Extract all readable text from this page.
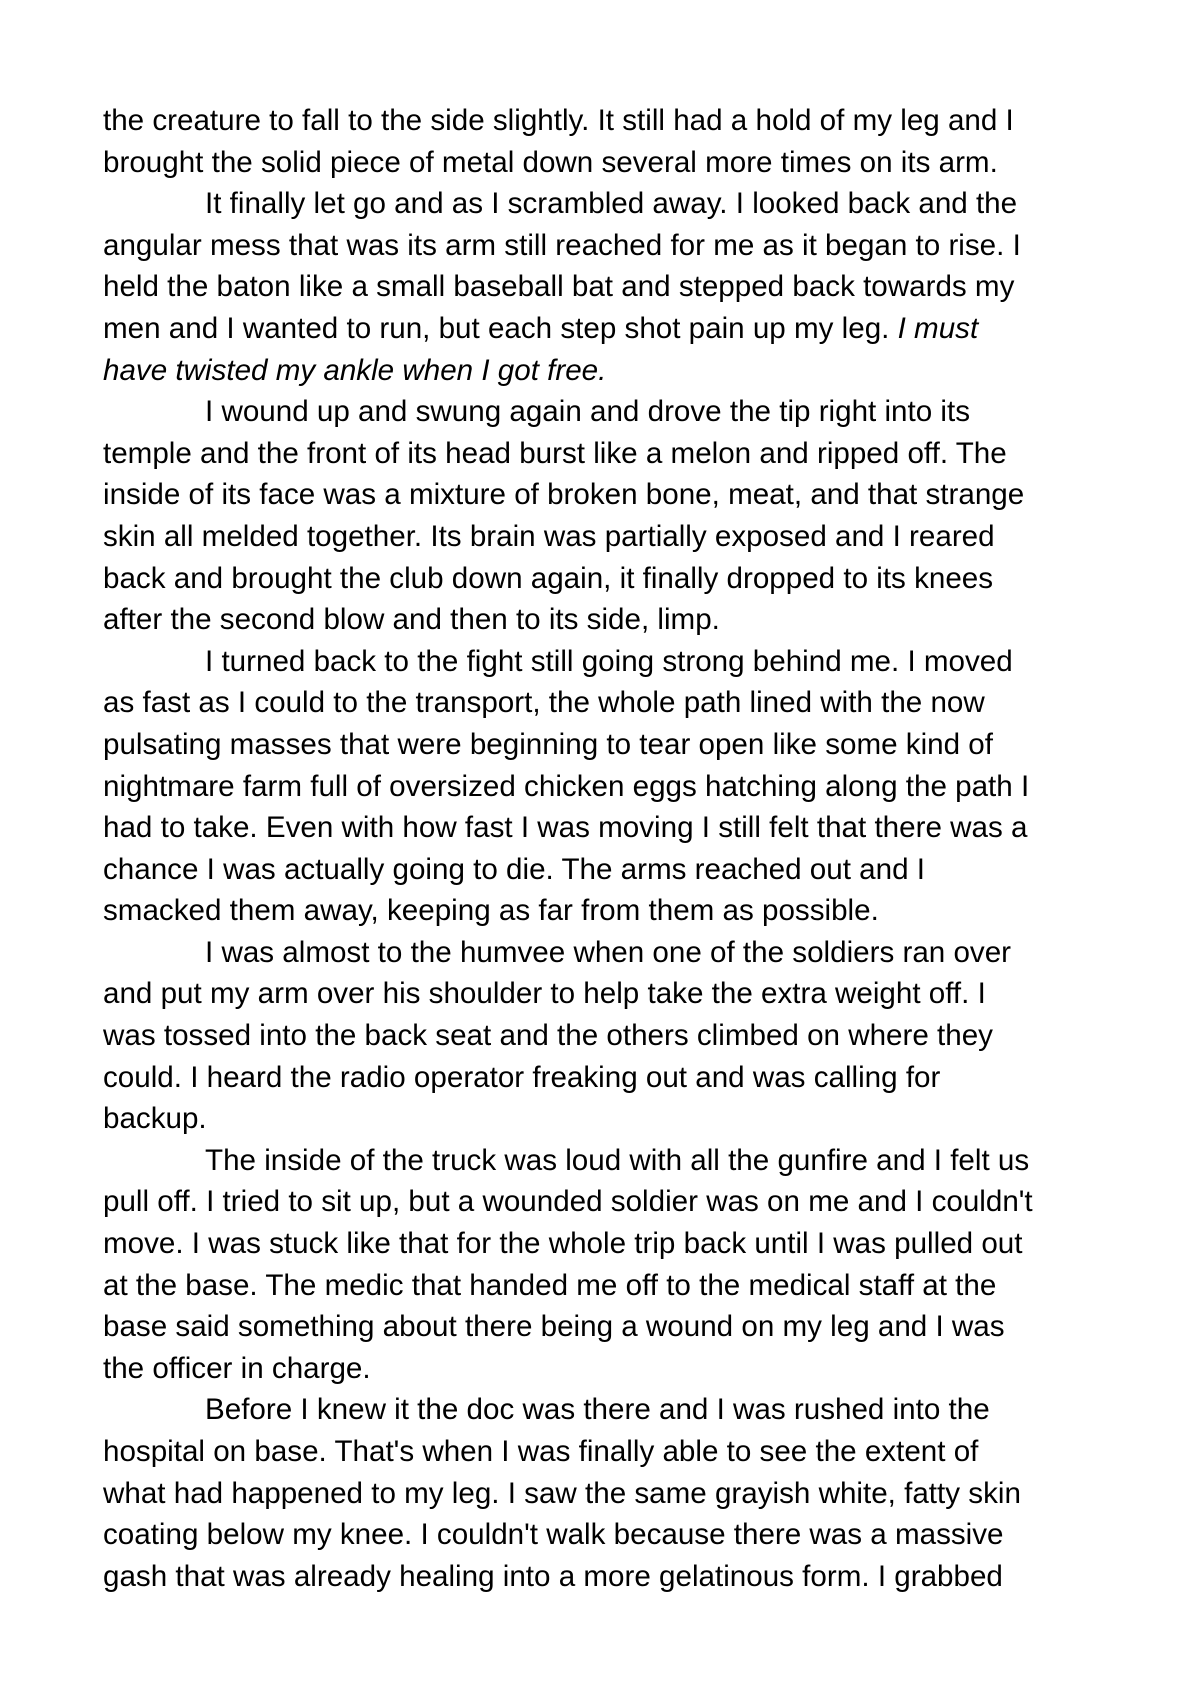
the creature to fall to the side slightly. It still had a hold of my leg and I
brought the solid piece of metal down several more times on its arm.
It finally let go and as I scrambled away. I looked back and the
angular mess that was its arm still reached for me as it began to rise. I
held the baton like a small baseball bat and stepped back towards my
men and I wanted to run, but each step shot pain up my leg. I must
have twisted my ankle when I got free.
I wound up and swung again and drove the tip right into its
temple and the front of its head burst like a melon and ripped off. The
inside of its face was a mixture of broken bone, meat, and that strange
skin all melded together. Its brain was partially exposed and I reared
back and brought the club down again, it finally dropped to its knees
after the second blow and then to its side, limp.
I turned back to the fight still going strong behind me. I moved
as fast as I could to the transport, the whole path lined with the now
pulsating masses that were beginning to tear open like some kind of
nightmare farm full of oversized chicken eggs hatching along the path I
had to take. Even with how fast I was moving I still felt that there was a
chance I was actually going to die. The arms reached out and I
smacked them away, keeping as far from them as possible.
I was almost to the humvee when one of the soldiers ran over
and put my arm over his shoulder to help take the extra weight off. I
was tossed into the back seat and the others climbed on where they
could. I heard the radio operator freaking out and was calling for
backup.
The inside of the truck was loud with all the gunfire and I felt us
pull off. I tried to sit up, but a wounded soldier was on me and I couldn't
move. I was stuck like that for the whole trip back until I was pulled out
at the base. The medic that handed me off to the medical staff at the
base said something about there being a wound on my leg and I was
the officer in charge.
Before I knew it the doc was there and I was rushed into the
hospital on base. That's when I was finally able to see the extent of
what had happened to my leg. I saw the same grayish white, fatty skin
coating below my knee. I couldn't walk because there was a massive
gash that was already healing into a more gelatinous form. I grabbed
